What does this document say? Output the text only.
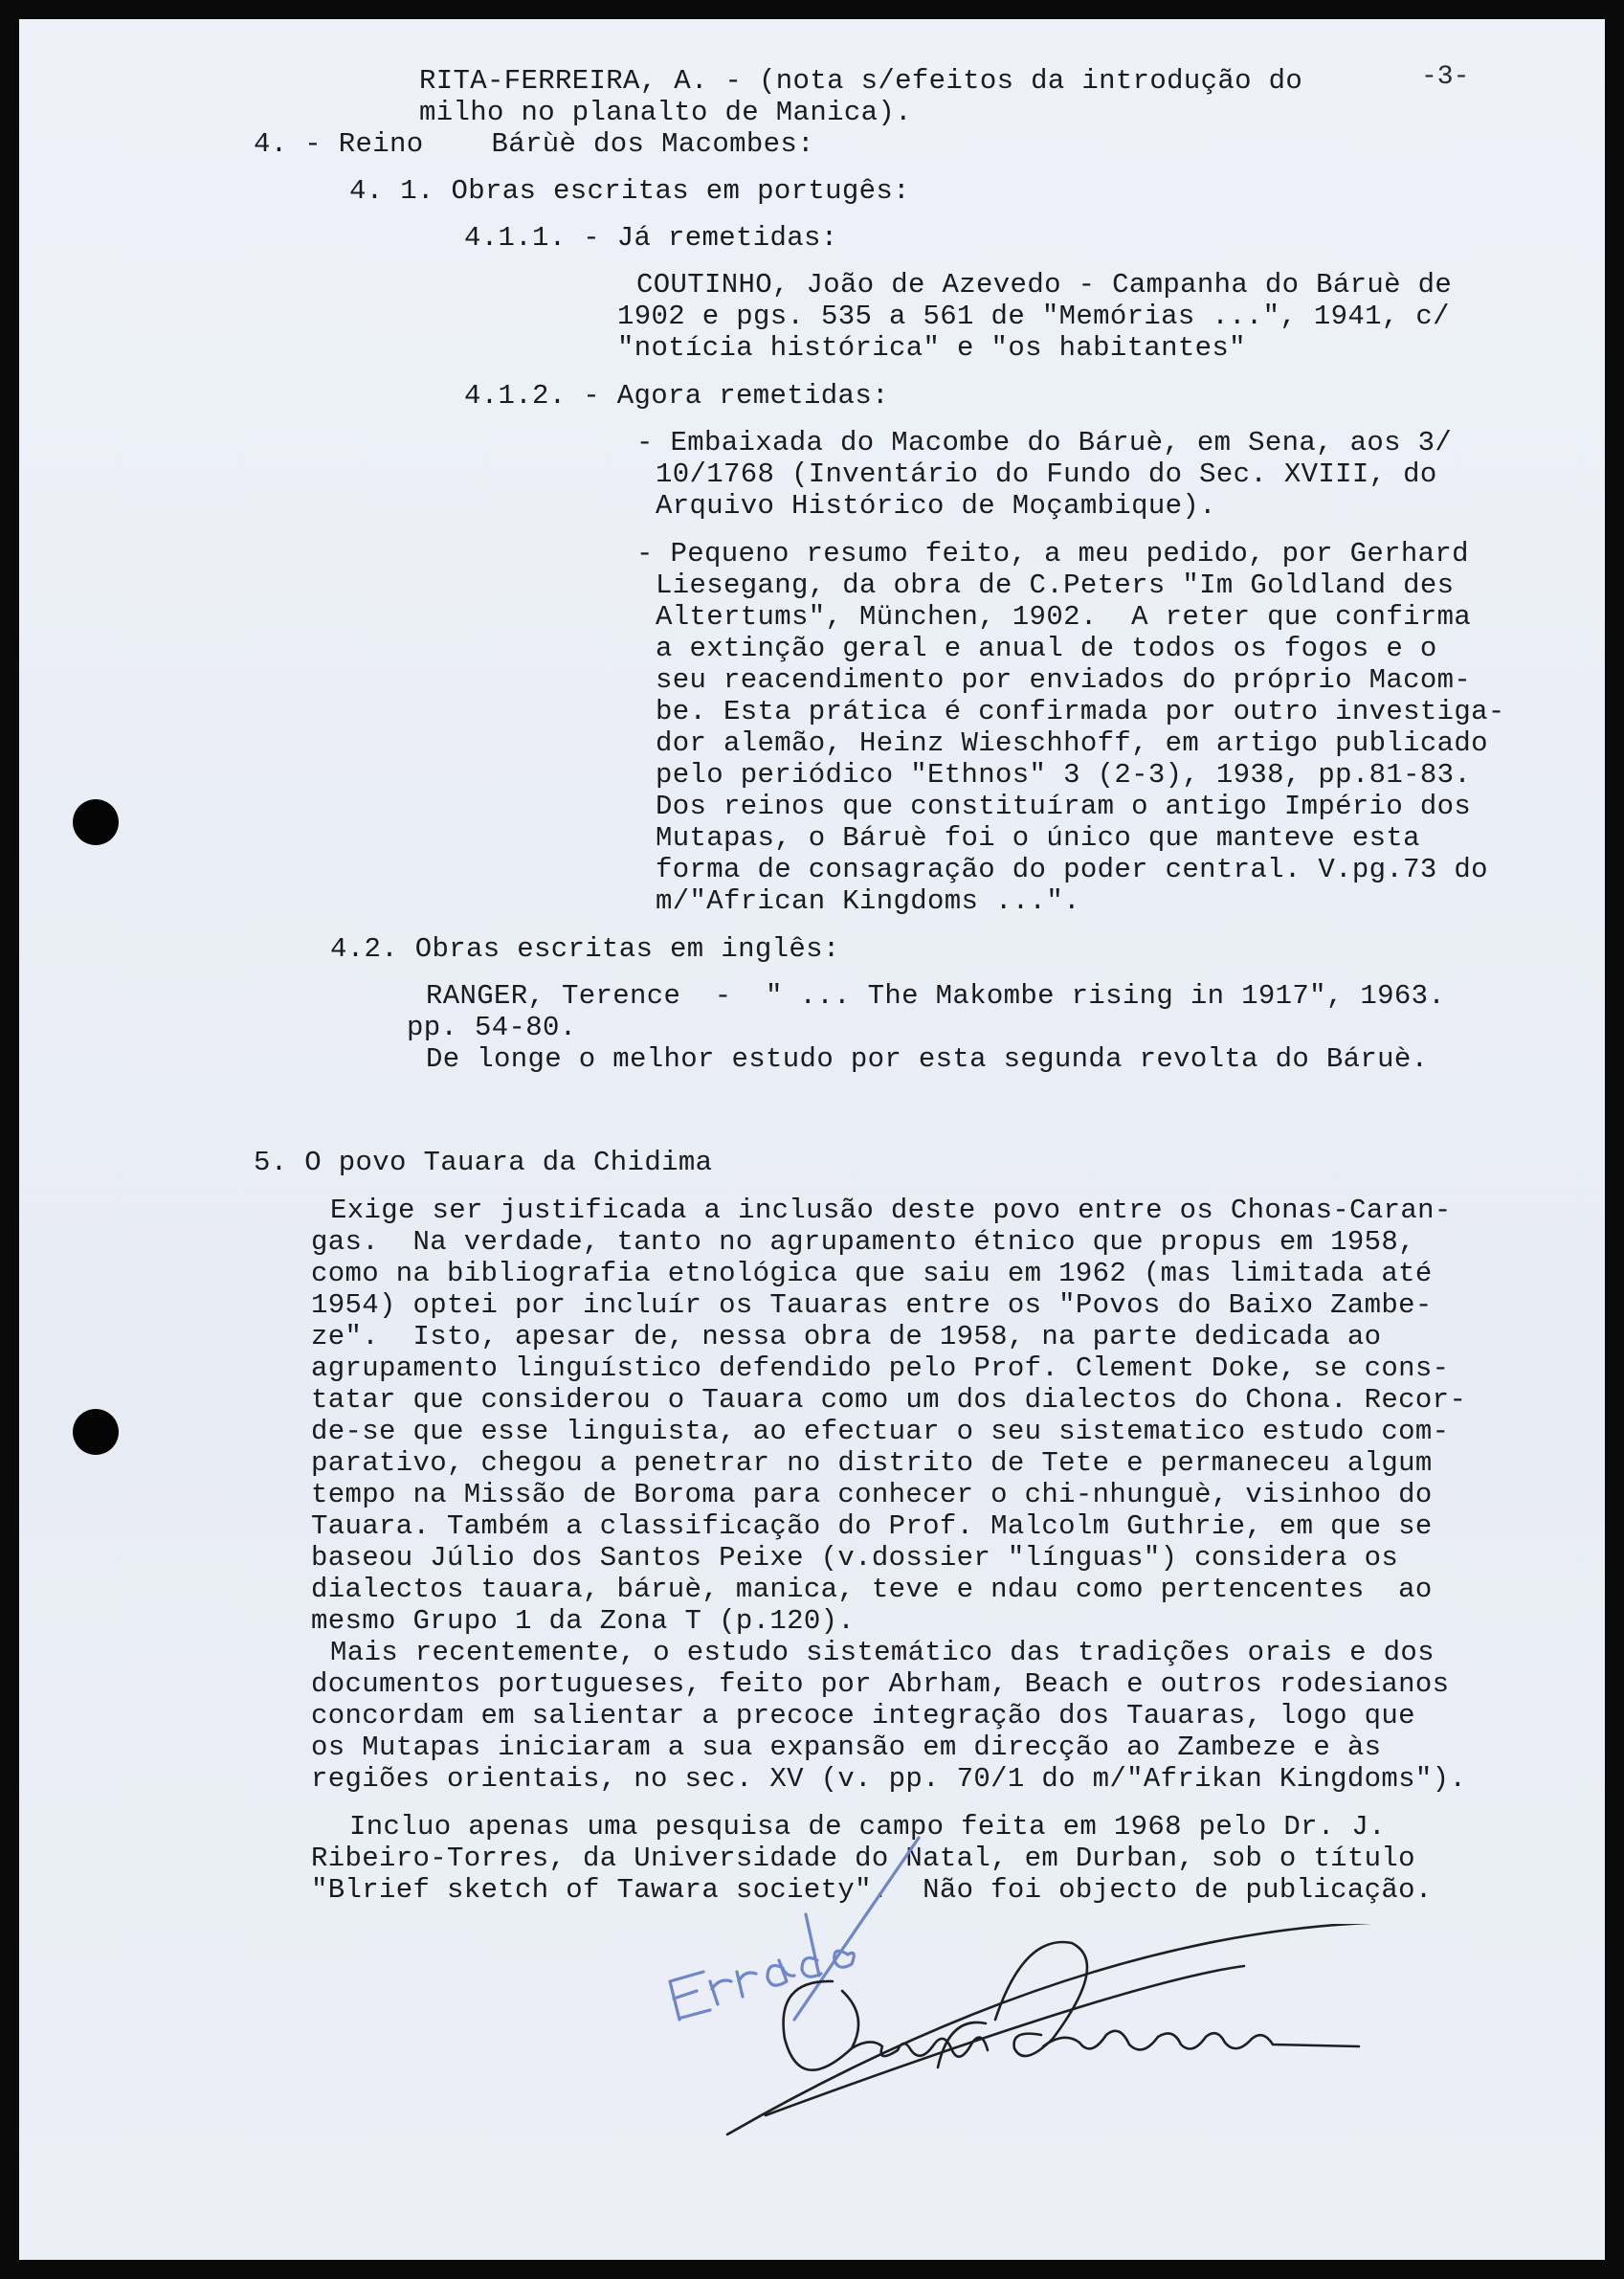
-3-
RITA-FERREIRA, A. - (nota s/efeitos da introdução do
milho no planalto de Manica).
4. - Reino    Bárùè dos Macombes:
4. 1. Obras escritas em portugês:
4.1.1. - Já remetidas:
COUTINHO, João de Azevedo - Campanha do Báruè de
1902 e pgs. 535 a 561 de "Memórias ...", 1941, c/
"notícia histórica" e "os habitantes"
4.1.2. - Agora remetidas:
- Embaixada do Macombe do Báruè, em Sena, aos 3/
10/1768 (Inventário do Fundo do Sec. XVIII, do
Arquivo Histórico de Moçambique).
- Pequeno resumo feito, a meu pedido, por Gerhard
Liesegang, da obra de C.Peters "Im Goldland des
Altertums", München, 1902.  A reter que confirma
a extinção geral e anual de todos os fogos e o
seu reacendimento por enviados do próprio Macom-
be. Esta prática é confirmada por outro investiga-
dor alemão, Heinz Wieschhoff, em artigo publicado
pelo periódico "Ethnos" 3 (2-3), 1938, pp.81-83.
Dos reinos que constituíram o antigo Império dos
Mutapas, o Báruè foi o único que manteve esta
forma de consagração do poder central. V.pg.73 do
m/"African Kingdoms ...".
4.2. Obras escritas em inglês:
RANGER, Terence  -  " ... The Makombe rising in 1917", 1963.
pp. 54-80.
De longe o melhor estudo por esta segunda revolta do Báruè.
5. O povo Tauara da Chidima
Exige ser justificada a inclusão deste povo entre os Chonas-Caran-
gas.  Na verdade, tanto no agrupamento étnico que propus em 1958,
como na bibliografia etnológica que saiu em 1962 (mas limitada até
1954) optei por incluír os Tauaras entre os "Povos do Baixo Zambe-
ze".  Isto, apesar de, nessa obra de 1958, na parte dedicada ao
agrupamento linguístico defendido pelo Prof. Clement Doke, se cons-
tatar que considerou o Tauara como um dos dialectos do Chona. Recor-
de-se que esse linguista, ao efectuar o seu sistematico estudo com-
parativo, chegou a penetrar no distrito de Tete e permaneceu algum
tempo na Missão de Boroma para conhecer o chi-nhunguè, visinhoo do
Tauara. Também a classificação do Prof. Malcolm Guthrie, em que se
baseou Júlio dos Santos Peixe (v.dossier "línguas") considera os
dialectos tauara, báruè, manica, teve e ndau como pertencentes  ao
mesmo Grupo 1 da Zona T (p.120).
Mais recentemente, o estudo sistemático das tradições orais e dos
documentos portugueses, feito por Abrham, Beach e outros rodesianos
concordam em salientar a precoce integração dos Tauaras, logo que
os Mutapas iniciaram a sua expansão em direcção ao Zambeze e às
regiões orientais, no sec. XV (v. pp. 70/1 do m/"Afrikan Kingdoms").
Incluo apenas uma pesquisa de campo feita em 1968 pelo Dr. J.
Ribeiro-Torres, da Universidade do Natal, em Durban, sob o título
"Blrief sketch of Tawara society".  Não foi objecto de publicação.
